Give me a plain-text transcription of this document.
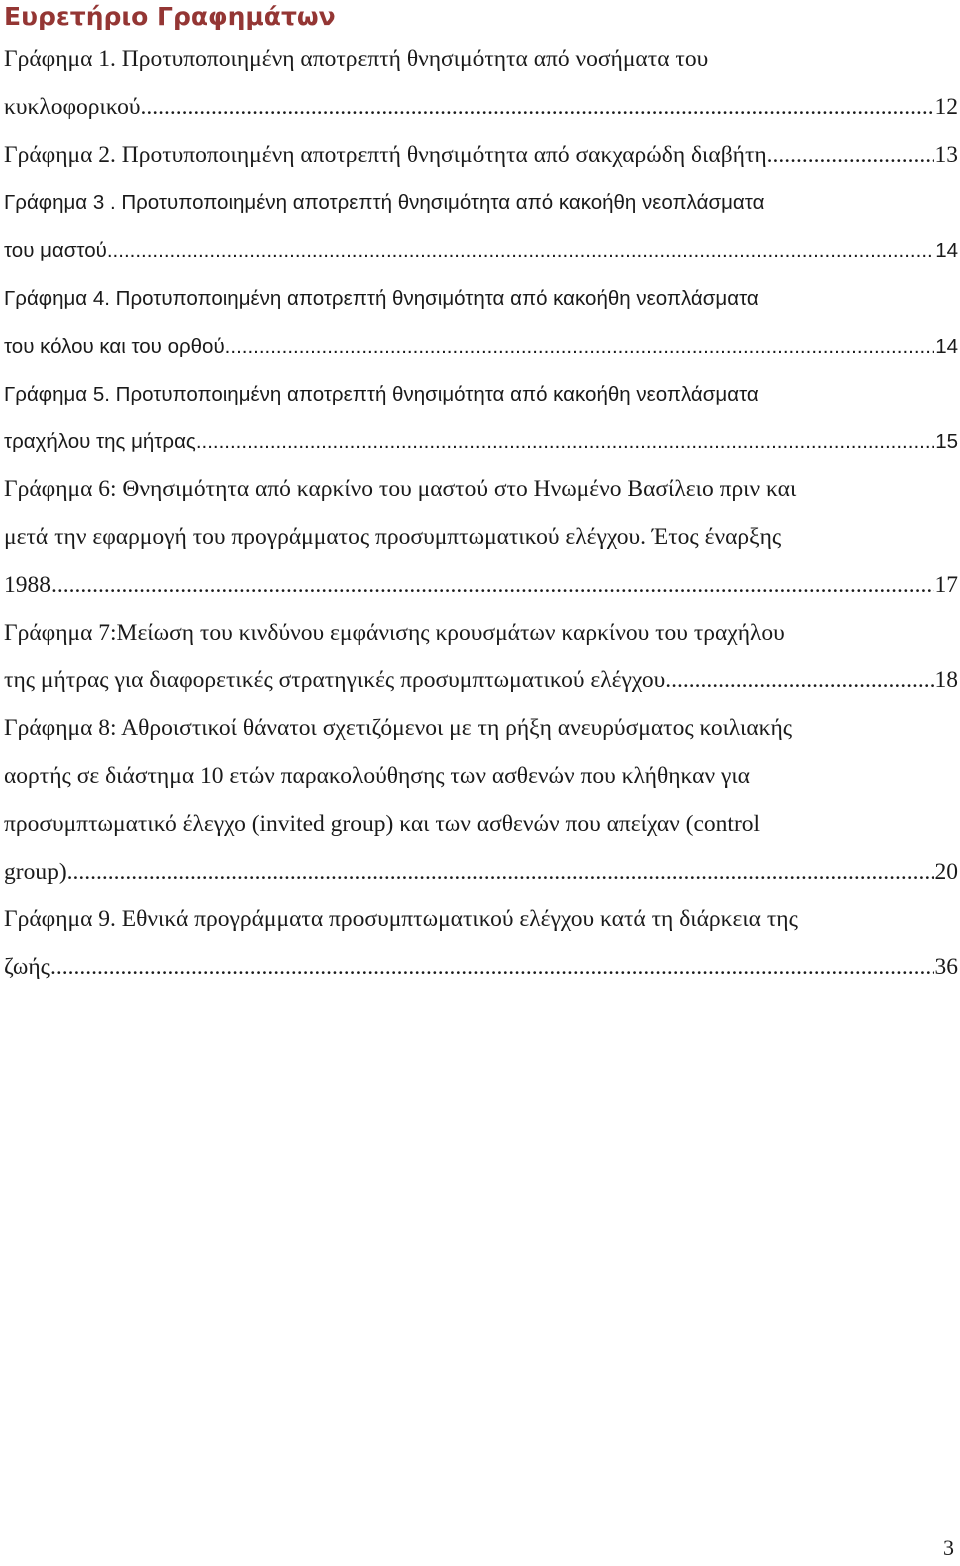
Ευρετήριο Γραφημάτων
Γράφημα 1. Προτυποποιημένη αποτρεπτή θνησιμότητα από νοσήματα του
κυκλοφορικού .....	12
Γράφημα 2. Προτυποποιημένη αποτρεπτή θνησιμότητα από σακχαρώδη διαβήτη .....	13
Γράφημα 3 . Προτυποποιημένη αποτρεπτή θνησιμότητα από κακοήθη νεοπλάσματα
του μαστού .....	14
Γράφημα 4. Προτυποποιημένη αποτρεπτή θνησιμότητα από κακοήθη νεοπλάσματα
του κόλου και του ορθού .....	14
Γράφημα 5. Προτυποποιημένη αποτρεπτή θνησιμότητα από κακοήθη νεοπλάσματα
τραχήλου της μήτρας .....	15
Γράφημα 6: Θνησιμότητα από καρκίνο του μαστού στο Ηνωμένο Βασίλειο πριν και
μετά την εφαρμογή του προγράμματος προσυμπτωματικού ελέγχου. Έτος έναρξης
1988 .....	17
Γράφημα 7:Μείωση του κινδύνου εμφάνισης κρουσμάτων καρκίνου του τραχήλου
της μήτρας για διαφορετικές στρατηγικές προσυμπτωματικού ελέγχου .....	18
Γράφημα 8: Αθροιστικοί θάνατοι σχετιζόμενοι με τη ρήξη ανευρύσματος κοιλιακής
αορτής σε διάστημα 10 ετών παρακολούθησης των ασθενών που κλήθηκαν για
προσυμπτωματικό έλεγχο (invited group) και των ασθενών που απείχαν (control
group) .....	20
Γράφημα 9. Εθνικά προγράμματα προσυμπτωματικού ελέγχου κατά τη διάρκεια της
ζωής .....	36
3
